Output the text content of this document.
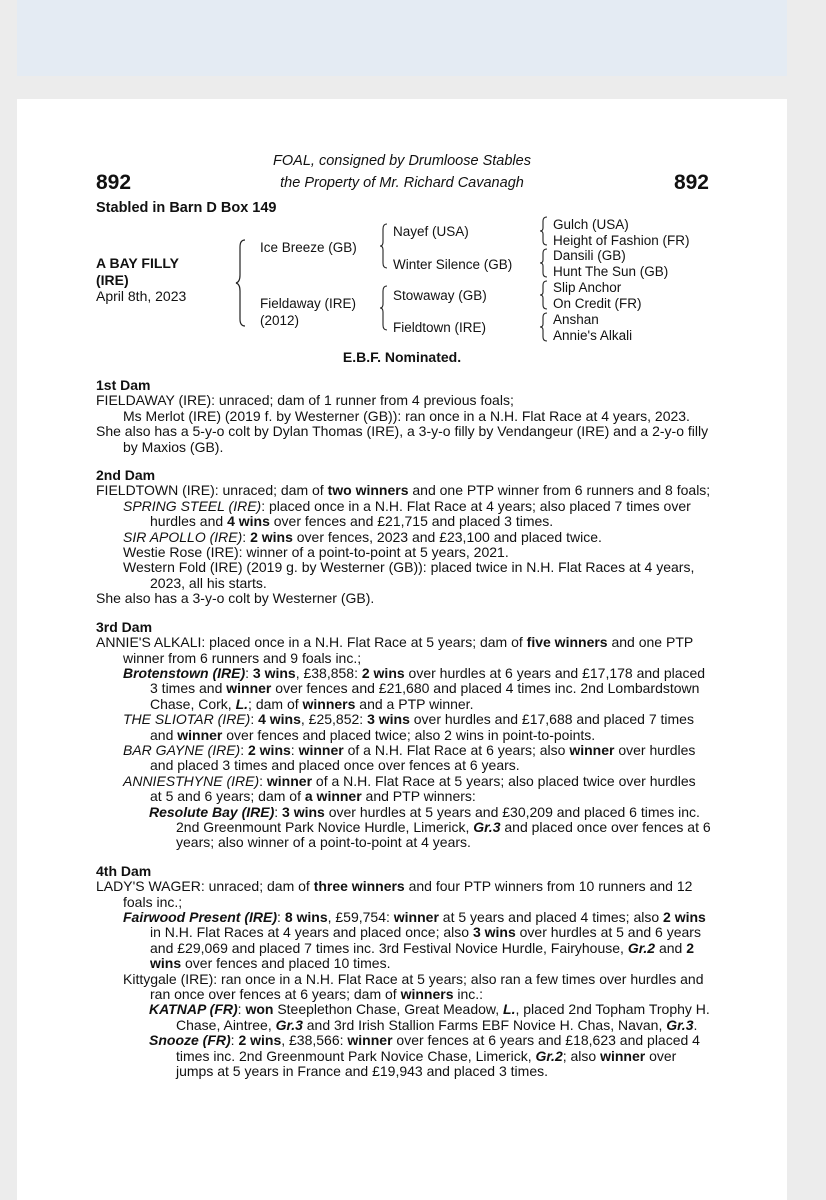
892	892
FOAL, consigned by Drumloose Stables
the Property of Mr. Richard Cavanagh
Stabled in Barn D Box 149
A BAY FILLY
(IRE)
April 8th, 2023
Ice Breeze (GB)
Fieldaway (IRE)
(2012)
Nayef (USA)
Winter Silence (GB)
Stowaway (GB)
Fieldtown (IRE)
Gulch (USA)
Height of Fashion (FR)
Dansili (GB)
Hunt The Sun (GB)
Slip Anchor
On Credit (FR)
Anshan
Annie's Alkali
E.B.F. Nominated.
1st Dam
FIELDAWAY (IRE): unraced; dam of 1 runner from 4 previous foals;
Ms Merlot (IRE) (2019 f. by Westerner (GB)): ran once in a N.H. Flat Race at 4 years, 2023.
She also has a 5-y-o colt by Dylan Thomas (IRE), a 3-y-o filly by Vendangeur (IRE) and a 2-y-o filly by Maxios (GB).
2nd Dam
FIELDTOWN (IRE): unraced; dam of two winners and one PTP winner from 6 runners and 8 foals;
SPRING STEEL (IRE): placed once in a N.H. Flat Race at 4 years; also placed 7 times over hurdles and 4 wins over fences and £21,715 and placed 3 times.
SIR APOLLO (IRE): 2 wins over fences, 2023 and £23,100 and placed twice.
Westie Rose (IRE): winner of a point-to-point at 5 years, 2021.
Western Fold (IRE) (2019 g. by Westerner (GB)): placed twice in N.H. Flat Races at 4 years, 2023, all his starts.
She also has a 3-y-o colt by Westerner (GB).
3rd Dam
ANNIE'S ALKALI: placed once in a N.H. Flat Race at 5 years; dam of five winners and one PTP winner from 6 runners and 9 foals inc.;
Brotenstown (IRE): 3 wins, £38,858: 2 wins over hurdles at 6 years and £17,178 and placed 3 times and winner over fences and £21,680 and placed 4 times inc. 2nd Lombardstown Chase, Cork, L.; dam of winners and a PTP winner.
THE SLIOTAR (IRE): 4 wins, £25,852: 3 wins over hurdles and £17,688 and placed 7 times and winner over fences and placed twice; also 2 wins in point-to-points.
BAR GAYNE (IRE): 2 wins: winner of a N.H. Flat Race at 6 years; also winner over hurdles and placed 3 times and placed once over fences at 6 years.
ANNIESTHYNE (IRE): winner of a N.H. Flat Race at 5 years; also placed twice over hurdles at 5 and 6 years; dam of a winner and PTP winners:
Resolute Bay (IRE): 3 wins over hurdles at 5 years and £30,209 and placed 6 times inc. 2nd Greenmount Park Novice Hurdle, Limerick, Gr.3 and placed once over fences at 6 years; also winner of a point-to-point at 4 years.
4th Dam
LADY'S WAGER: unraced; dam of three winners and four PTP winners from 10 runners and 12 foals inc.;
Fairwood Present (IRE): 8 wins, £59,754: winner at 5 years and placed 4 times; also 2 wins in N.H. Flat Races at 4 years and placed once; also 3 wins over hurdles at 5 and 6 years and £29,069 and placed 7 times inc. 3rd Festival Novice Hurdle, Fairyhouse, Gr.2 and 2 wins over fences and placed 10 times.
Kittygale (IRE): ran once in a N.H. Flat Race at 5 years; also ran a few times over hurdles and ran once over fences at 6 years; dam of winners inc.:
KATNAP (FR): won Steeplethon Chase, Great Meadow, L., placed 2nd Topham Trophy H. Chase, Aintree, Gr.3 and 3rd Irish Stallion Farms EBF Novice H. Chas, Navan, Gr.3.
Snooze (FR): 2 wins, £38,566: winner over fences at 6 years and £18,623 and placed 4 times inc. 2nd Greenmount Park Novice Chase, Limerick, Gr.2; also winner over jumps at 5 years in France and £19,943 and placed 3 times.
